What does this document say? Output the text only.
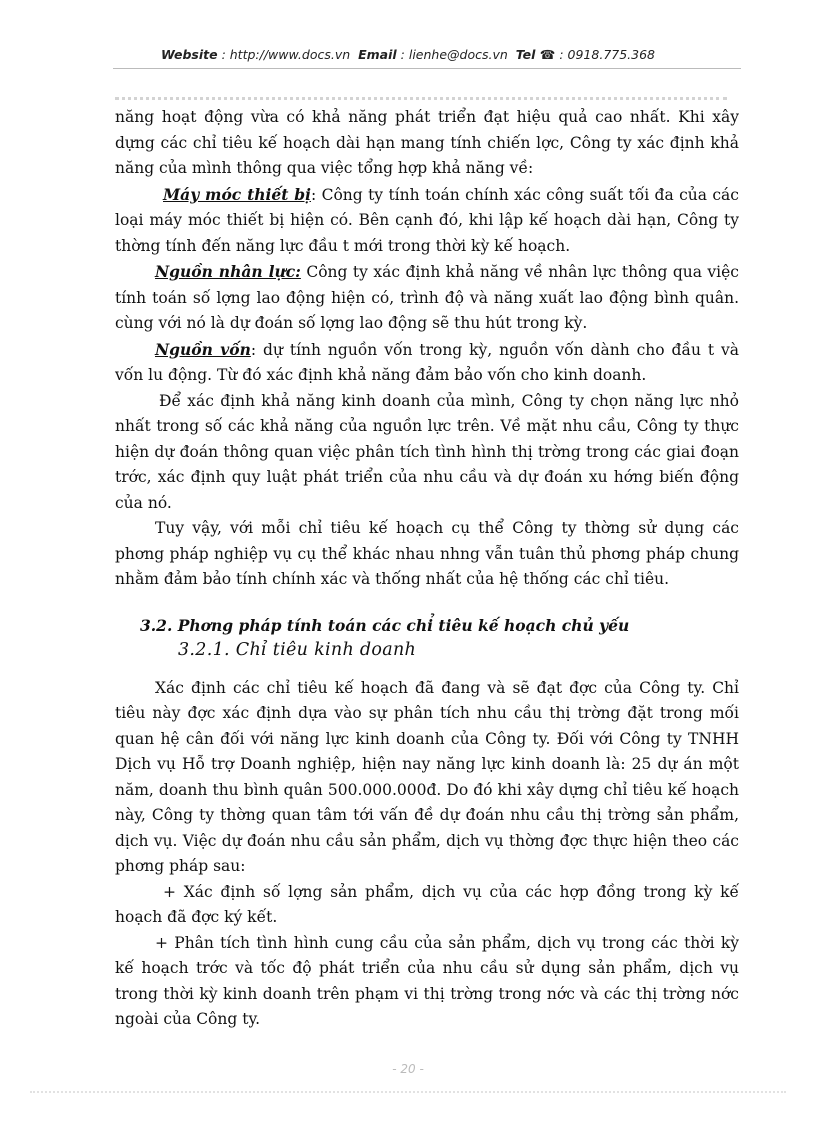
Website : http://www.docs.vn Email : lienhe@docs.vn Tel ☎ : 0918.775.368

năng hoạt động vừa có khả năng phát triển đạt hiệu quả cao nhất. Khi xây dựng các chỉ tiêu kế hoạch dài hạn mang tính chiến lợc, Công ty xác định khả năng của mình thông qua việc tổng hợp khả năng về:

Máy móc thiết bị: Công ty tính toán chính xác công suất tối đa của các loại máy móc thiết bị hiện có. Bên cạnh đó, khi lập kế hoạch dài hạn, Công ty thờng tính đến năng lực đầu t mới trong thời kỳ kế hoạch.

Nguồn nhân lực: Công ty xác định khả năng về nhân lực thông qua việc tính toán số lợng lao động hiện có, trình độ và năng xuất lao động bình quân. cùng với nó là dự đoán số lợng lao động sẽ thu hút trong kỳ.

Nguồn vốn: dự tính nguồn vốn trong kỳ, nguồn vốn dành cho đầu t và vốn lu động. Từ đó xác định khả năng đảm bảo vốn cho kinh doanh.

Để xác định khả năng kinh doanh của mình, Công ty chọn năng lực nhỏ nhất trong số các khả năng của nguồn lực trên. Về mặt nhu cầu, Công ty thực hiện dự đoán thông quan việc phân tích tình hình thị trờng trong các giai đoạn trớc, xác định quy luật phát triển của nhu cầu và dự đoán xu hớng biến động của nó.

Tuy vậy, với mỗi chỉ tiêu kế hoạch cụ thể Công ty thờng sử dụng các phơng pháp nghiệp vụ cụ thể khác nhau nhng vẫn tuân thủ phơng pháp chung nhằm đảm bảo tính chính xác và thống nhất của hệ thống các chỉ tiêu.

3.2. Phơng pháp tính toán các chỉ tiêu kế hoạch chủ yếu
3.2.1. Chỉ tiêu kinh doanh

Xác định các chỉ tiêu kế hoạch đã đang và sẽ đạt đợc của Công ty. Chỉ tiêu này đợc xác định dựa vào sự phân tích nhu cầu thị trờng đặt trong mối quan hệ cân đối với năng lực kinh doanh của Công ty. Đối với Công ty TNHH Dịch vụ Hỗ trợ Doanh nghiệp, hiện nay năng lực kinh doanh là: 25 dự án một năm, doanh thu bình quân 500.000.000đ. Do đó khi xây dựng chỉ tiêu kế hoạch này, Công ty thờng quan tâm tới vấn đề dự đoán nhu cầu thị trờng sản phẩm, dịch vụ. Việc dự đoán nhu cầu sản phẩm, dịch vụ thờng đợc thực hiện theo các phơng pháp sau:

+ Xác định số lợng sản phẩm, dịch vụ của các hợp đồng trong kỳ kế hoạch đã đợc ký kết.

+ Phân tích tình hình cung cầu của sản phẩm, dịch vụ trong các thời kỳ kế hoạch trớc và tốc độ phát triển của nhu cầu sử dụng sản phẩm, dịch vụ trong thời kỳ kinh doanh trên phạm vi thị trờng trong nớc và các thị trờng nớc ngoài của Công ty.

- 20 -
